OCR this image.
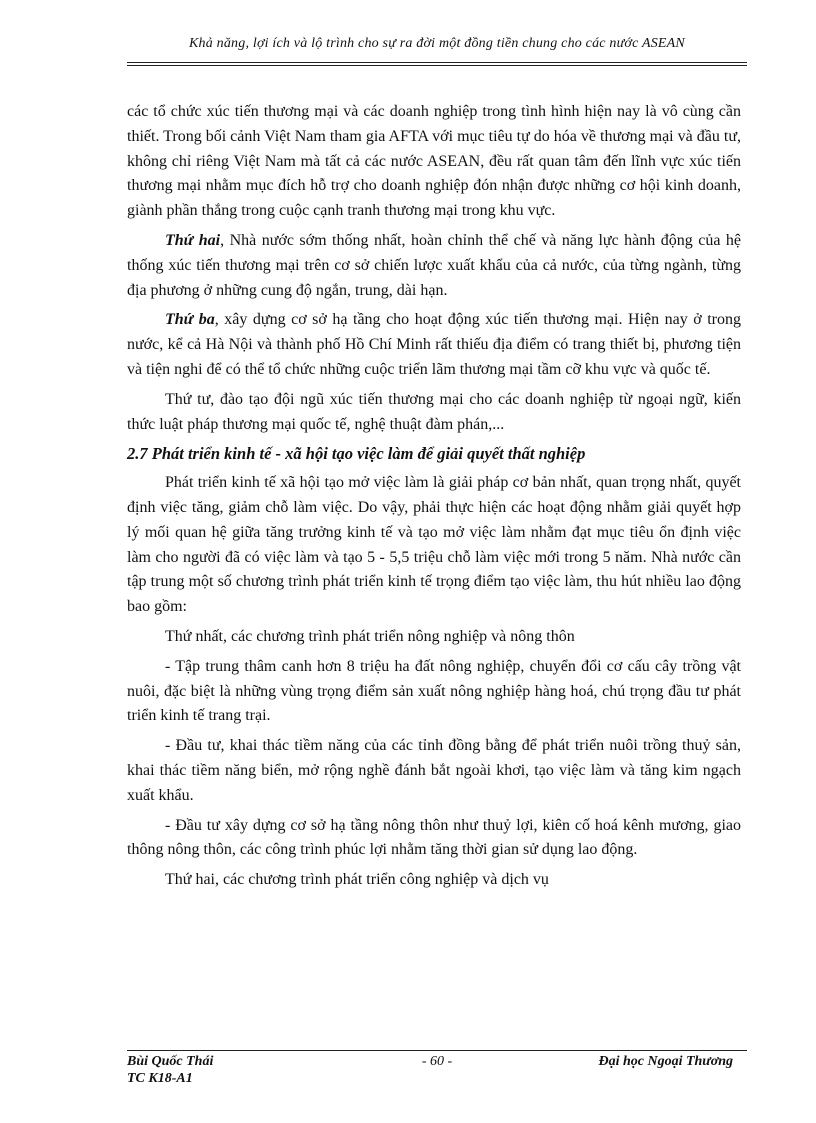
Khả năng, lợi ích và lộ trình cho sự ra đời một đồng tiền chung cho các nước ASEAN

các tổ chức xúc tiến thương mại và các doanh nghiệp trong tình hình hiện nay là vô cùng cần thiết. Trong bối cảnh Việt Nam tham gia AFTA với mục tiêu tự do hóa về thương mại và đầu tư, không chỉ riêng Việt Nam mà tất cả các nước ASEAN, đều rất quan tâm đến lĩnh vực xúc tiến thương mại nhằm mục đích hỗ trợ cho doanh nghiệp đón nhận được những cơ hội kinh doanh, giành phần thắng trong cuộc cạnh tranh thương mại trong khu vực.

Thứ hai, Nhà nước sớm thống nhất, hoàn chỉnh thể chế và năng lực hành động của hệ thống xúc tiến thương mại trên cơ sở chiến lược xuất khẩu của cả nước, của từng ngành, từng địa phương ở những cung độ ngắn, trung, dài hạn.

Thứ ba, xây dựng cơ sở hạ tầng cho hoạt động xúc tiến thương mại. Hiện nay ở trong nước, kể cả Hà Nội và thành phố Hồ Chí Minh rất thiếu địa điểm có trang thiết bị, phương tiện và tiện nghi để có thể tổ chức những cuộc triển lãm thương mại tầm cỡ khu vực và quốc tế.

Thứ tư, đào tạo đội ngũ xúc tiến thương mại cho các doanh nghiệp từ ngoại ngữ, kiến thức luật pháp thương mại quốc tế, nghệ thuật đàm phán,...

2.7 Phát triển kinh tế - xã hội tạo việc làm để giải quyết thất nghiệp

Phát triển kinh tế xã hội tạo mở việc làm là giải pháp cơ bản nhất, quan trọng nhất, quyết định việc tăng, giảm chỗ làm việc. Do vậy, phải thực hiện các hoạt động nhằm giải quyết hợp lý mối quan hệ giữa tăng trưởng kinh tế và tạo mở việc làm nhằm đạt mục tiêu ổn định việc làm cho người đã có việc làm và tạo 5 - 5,5 triệu chỗ làm việc mới trong 5 năm. Nhà nước cần tập trung một số chương trình phát triển kinh tế trọng điểm tạo việc làm, thu hút nhiều lao động bao gồm:

Thứ nhất, các chương trình phát triển nông nghiệp và nông thôn

- Tập trung thâm canh hơn 8 triệu ha đất nông nghiệp, chuyển đổi cơ cấu cây trồng vật nuôi, đặc biệt là những vùng trọng điểm sản xuất nông nghiệp hàng hoá, chú trọng đầu tư phát triển kinh tế trang trại.

- Đầu tư, khai thác tiềm năng của các tỉnh đồng bằng để phát triển nuôi trồng thuỷ sản, khai thác tiềm năng biển, mở rộng nghề đánh bắt ngoài khơi, tạo việc làm và tăng kim ngạch xuất khẩu.

- Đầu tư xây dựng cơ sở hạ tầng nông thôn như thuỷ lợi, kiên cố hoá kênh mương, giao thông nông thôn, các công trình phúc lợi nhằm tăng thời gian sử dụng lao động.

Thứ hai, các chương trình phát triển công nghiệp và dịch vụ

Bùi Quốc Thái	- 60 -	Đại học Ngoại Thương
TC K18-A1
